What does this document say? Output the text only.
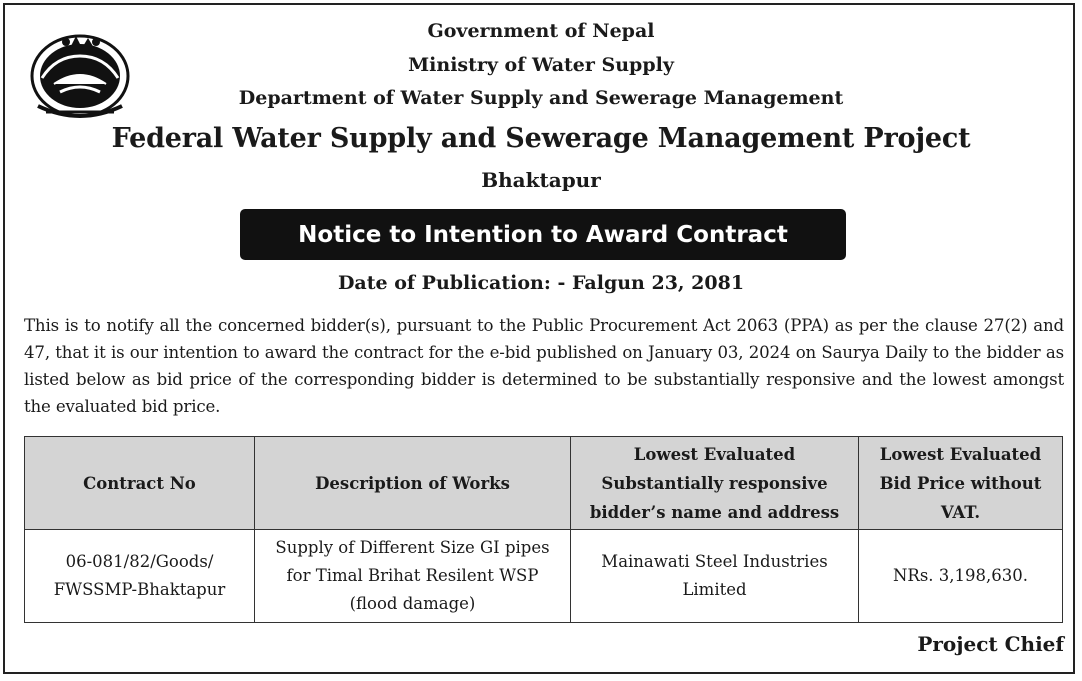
Government of Nepal
Ministry of Water Supply
Department of Water Supply and Sewerage Management
Federal Water Supply and Sewerage Management Project
Bhaktapur
Notice to Intention to Award Contract
Date of Publication: - Falgun 23, 2081
This is to notify all the concerned bidder(s), pursuant to the Public Procurement Act 2063 (PPA) as per the clause 27(2) and 47, that it is our intention to award the contract for the e-bid published on January 03, 2024 on Saurya Daily to the bidder as listed below as bid price of the corresponding bidder is determined to be substantially responsive and the lowest amongst the evaluated bid price.
Contract No	Description of Works	Lowest Evaluated Substantially responsive bidder’s name and address	Lowest Evaluated Bid Price without VAT.
06-081/82/Goods/ FWSSMP-Bhaktapur	Supply of Different Size GI pipes for Timal Brihat Resilent WSP (flood damage)	Mainawati Steel Industries Limited	NRs. 3,198,630.
Project Chief
